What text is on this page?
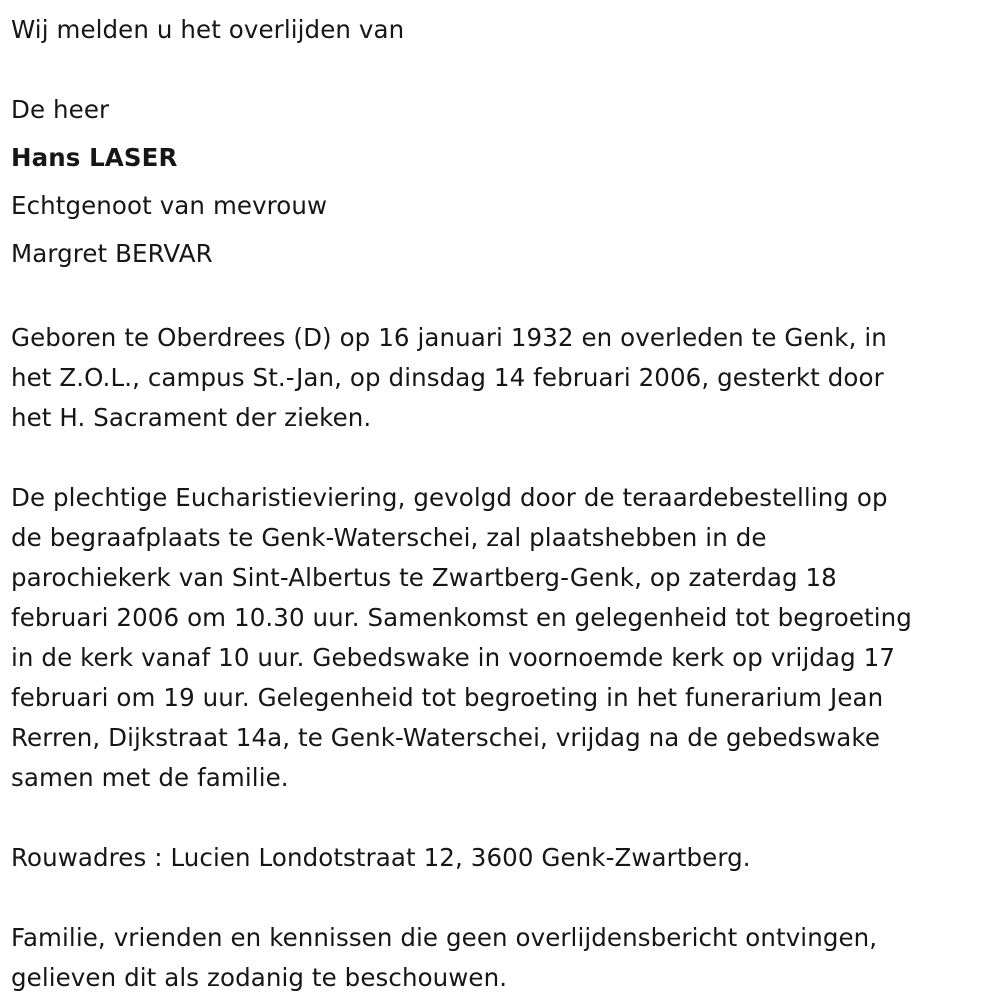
Wij melden u het overlijden van

De heer

Hans LASER

Echtgenoot van mevrouw

Margret BERVAR

Geboren te Oberdrees (D) op 16 januari 1932 en overleden te Genk, in

het Z.O.L., campus St.-Jan, op dinsdag 14 februari 2006, gesterkt door

het H. Sacrament der zieken.

De plechtige Eucharistieviering, gevolgd door de teraardebestelling op

de begraafplaats te Genk-Waterschei, zal plaatshebben in de

parochiekerk van Sint-Albertus te Zwartberg-Genk, op zaterdag 18

februari 2006 om 10.30 uur. Samenkomst en gelegenheid tot begroeting

in de kerk vanaf 10 uur. Gebedswake in voornoemde kerk op vrijdag 17

februari om 19 uur. Gelegenheid tot begroeting in het funerarium Jean

Rerren, Dijkstraat 14a, te Genk-Waterschei, vrijdag na de gebedswake

samen met de familie.

Rouwadres : Lucien Londotstraat 12, 3600 Genk-Zwartberg.

Familie, vrienden en kennissen die geen overlijdensbericht ontvingen,

gelieven dit als zodanig te beschouwen.
